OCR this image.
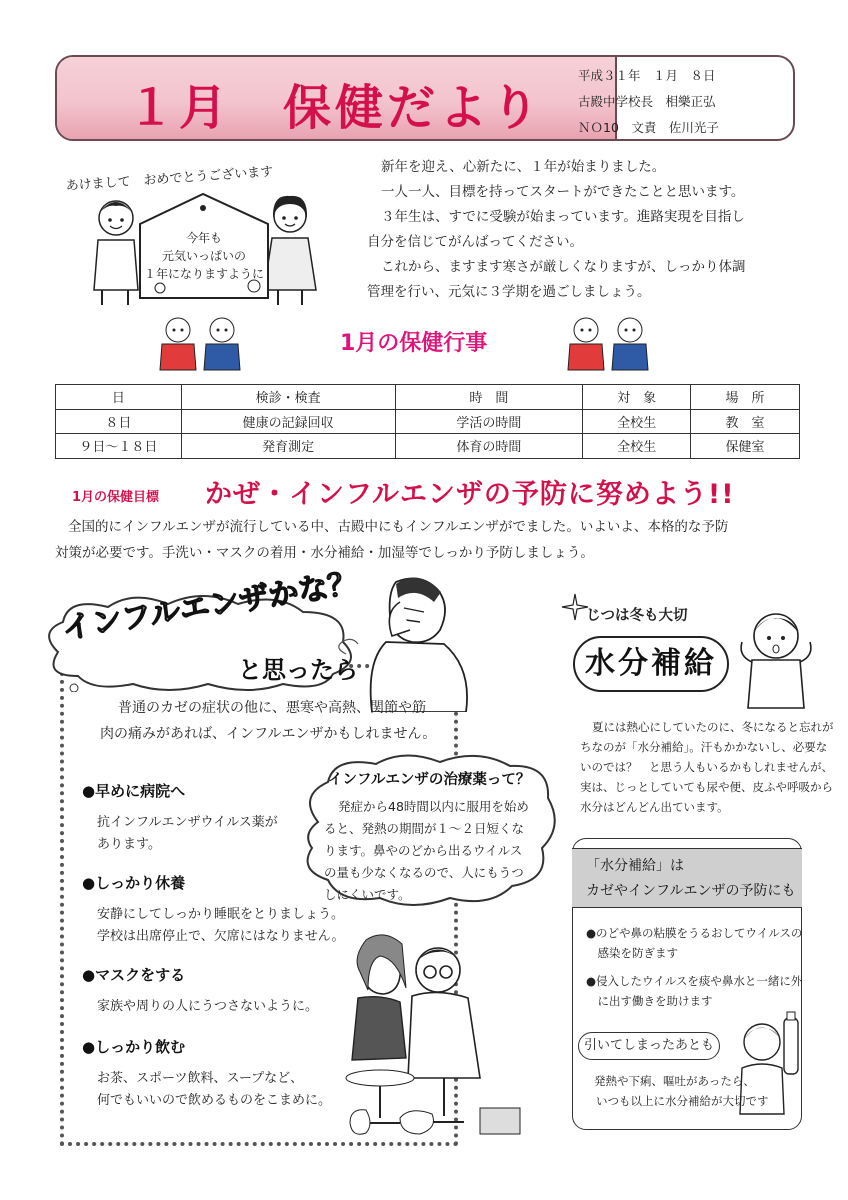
１月　保健だより
平成３１年　１月　８日
古殿中学校長　相樂正弘
ＮＯ10　文責　佐川光子
あけまして　おめでとうございます
今年も
元気いっぱいの
１年になりますように
新年を迎え、心新たに、１年が始まりました。
一人一人、目標を持ってスタートができたことと思います。
３年生は、すでに受験が始まっています。進路実現を目指し
自分を信じてがんばってください。
これから、ますます寒さが厳しくなりますが、しっかり体調
管理を行い、元気に３学期を過ごしましょう。
1月の保健行事
日	検診・検査	時　間	対　象	場　所
８日	健康の記録回収	学活の時間	全校生	教　室
９日～１８日	発育測定	体育の時間	全校生	保健室
1月の保健目標 かぜ・インフルエンザの予防に努めよう!!
全国的にインフルエンザが流行している中、古殿中にもインフルエンザがでました。いよいよ、本格的な予防
対策が必要です。手洗い・マスクの着用・水分補給・加湿等でしっかり予防しましょう。
インフルエンザかな？
と思ったら
普通のカゼの症状の他に、悪寒や高熱、関節や筋
肉の痛みがあれば、インフルエンザかもしれません。
●早めに病院へ
抗インフルエンザウイルス薬が
あります。
●しっかり休養
安静にしてしっかり睡眠をとりましょう。
学校は出席停止で、欠席にはなりません。
●マスクをする
家族や周りの人にうつさないように。
●しっかり飲む
お茶、スポーツ飲料、スープなど、
何でもいいので飲めるものをこまめに。
インフルエンザの治療薬って？
発症から48時間以内に服用を始め
ると、発熱の期間が１～２日短くな
ります。鼻やのどから出るウイルス
の量も少なくなるので、人にもうつ
しにくいです。
じつは冬も大切
水分補給
夏には熱心にしていたのに、冬になると忘れが
ちなのが「水分補給」。汗もかかないし、必要な
いのでは？　と思う人もいるかもしれませんが、
実は、じっとしていても尿や便、皮ふや呼吸から
水分はどんどん出ています。
「水分補給」は
カゼやインフルエンザの予防にも
●のどや鼻の粘膜をうるおしてウイルスの
　感染を防ぎます
●侵入したウイルスを痰や鼻水と一緒に外
　に出す働きを助けます
引いてしまったあとも
発熱や下痢、嘔吐があったら、
いつも以上に水分補給が大切です
